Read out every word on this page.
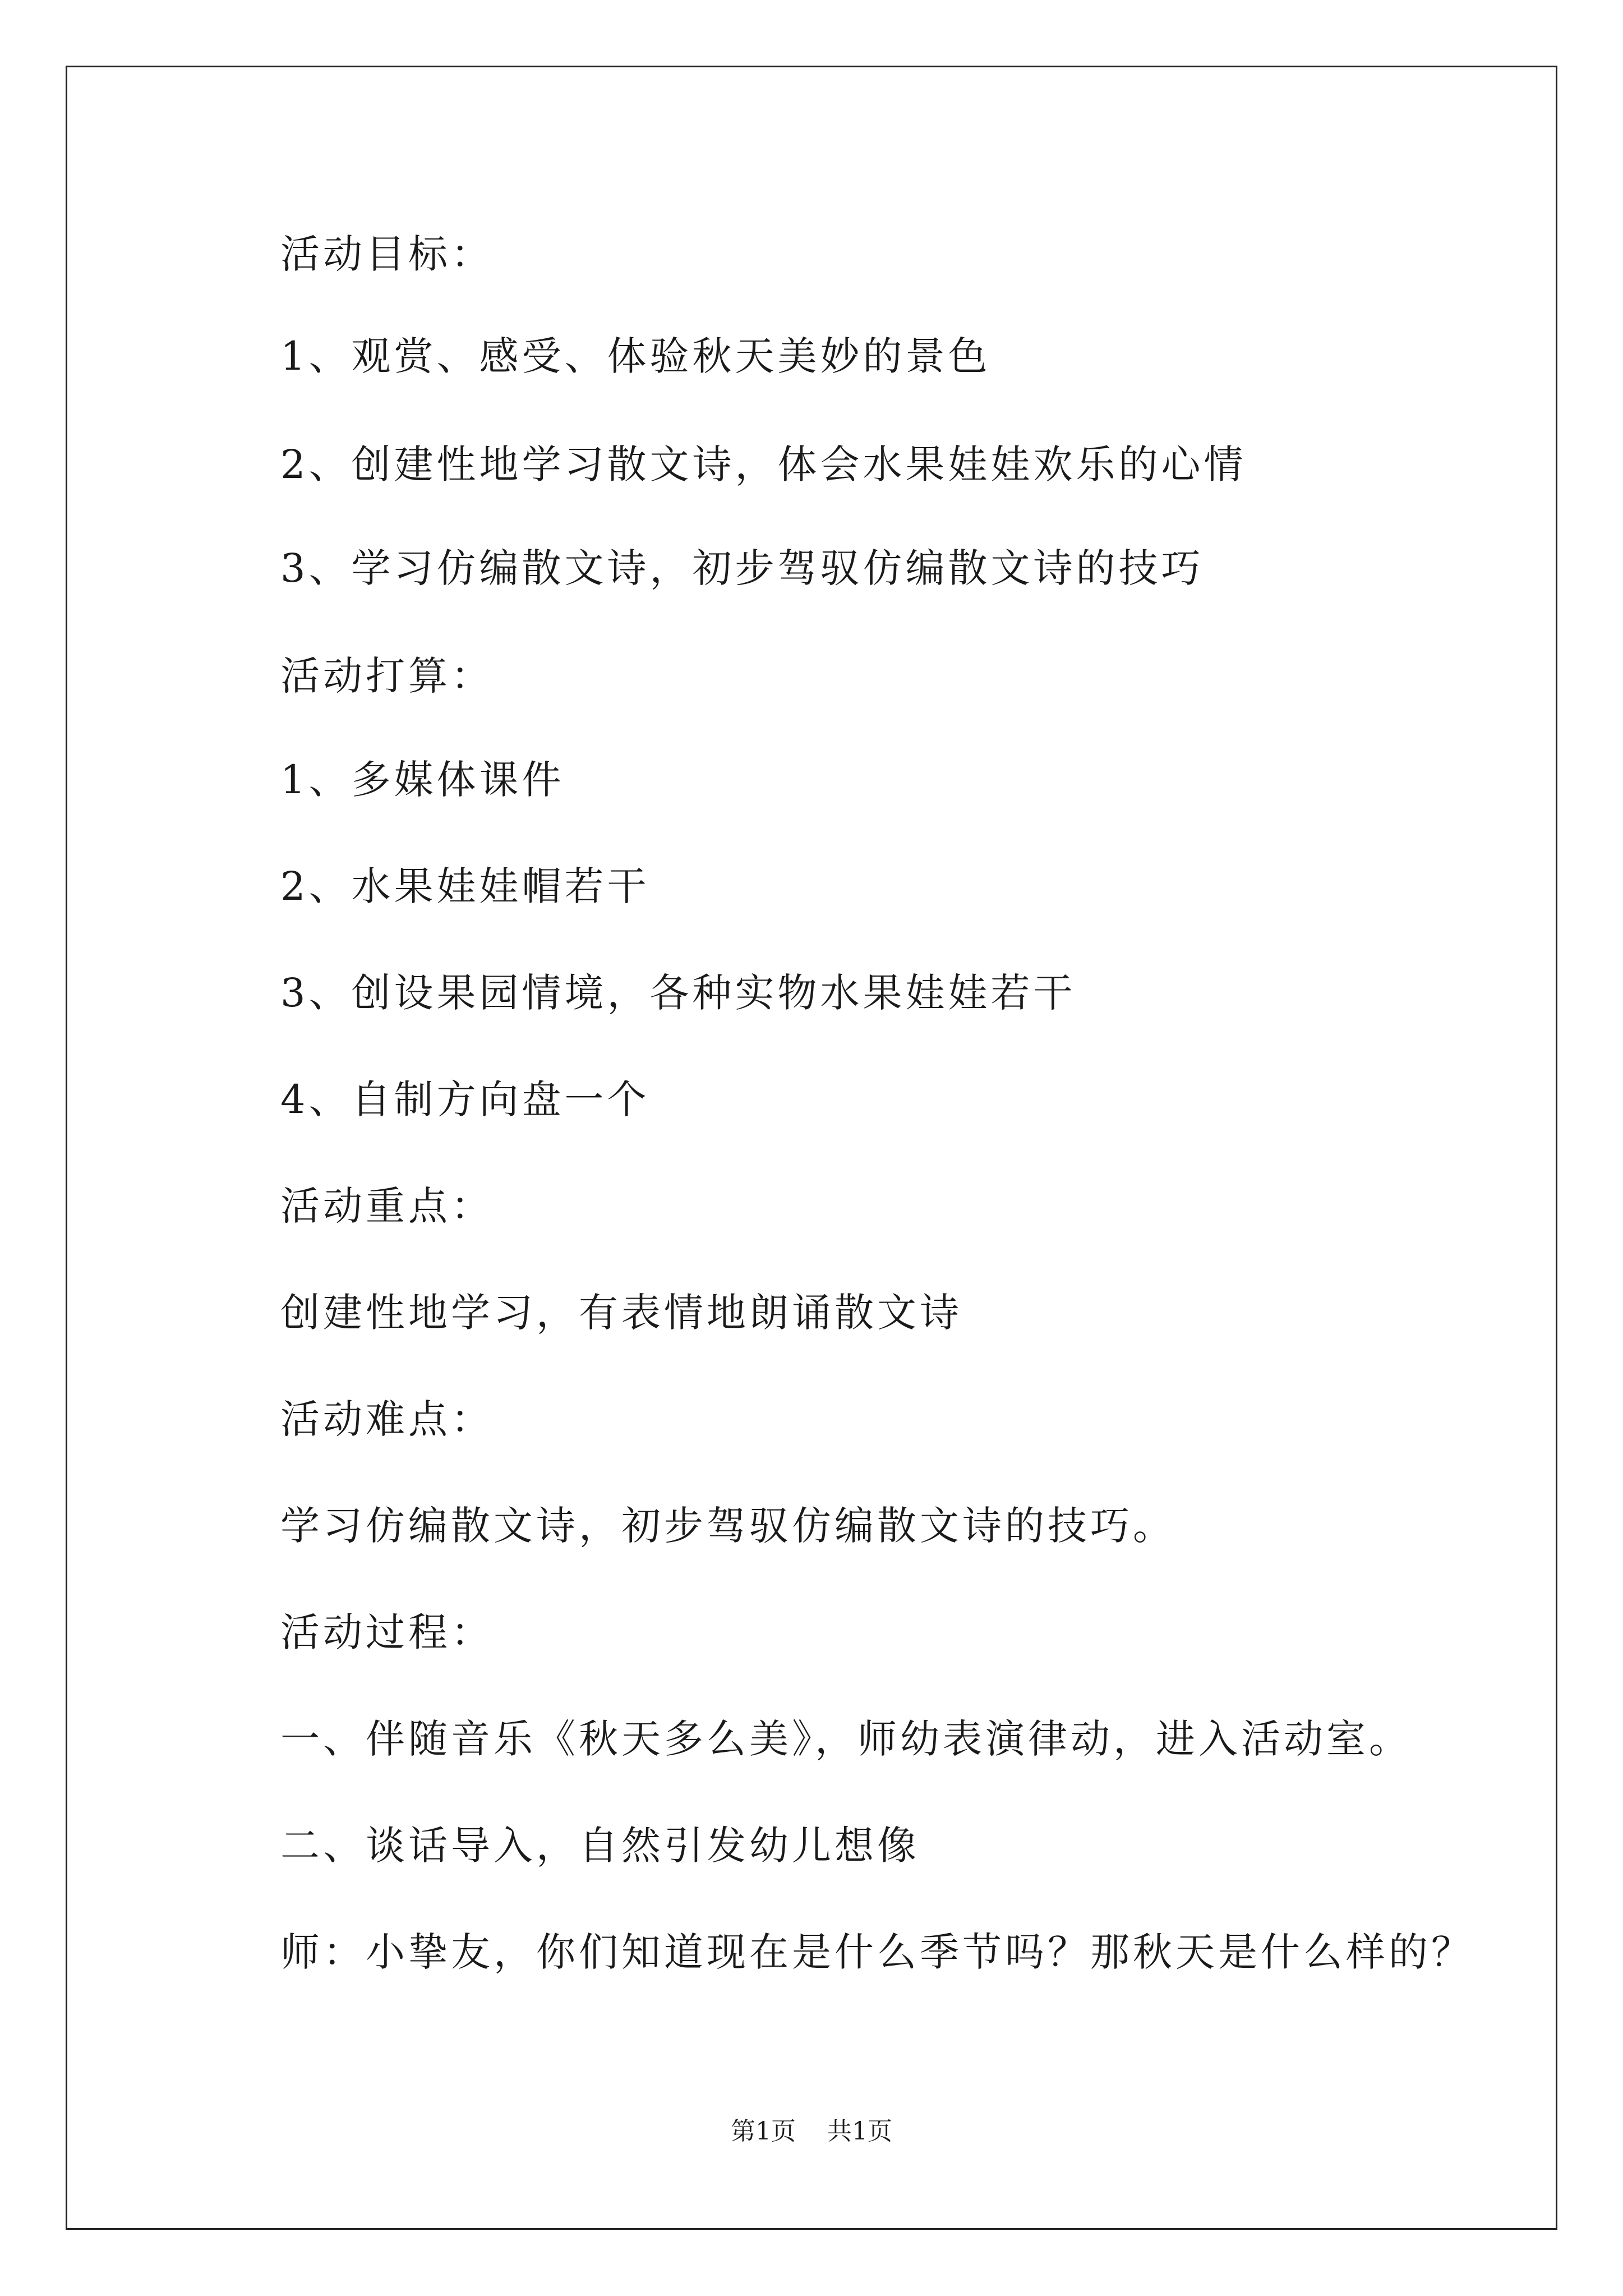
活动目标：
1、观赏、感受、体验秋天美妙的景色
2、创建性地学习散文诗，体会水果娃娃欢乐的心情
3、学习仿编散文诗，初步驾驭仿编散文诗的技巧
活动打算：
1、多媒体课件
2、水果娃娃帽若干
3、创设果园情境，各种实物水果娃娃若干
4、自制方向盘一个
活动重点：
创建性地学习，有表情地朗诵散文诗
活动难点：
学习仿编散文诗，初步驾驭仿编散文诗的技巧。
活动过程：
一、伴随音乐《秋天多么美》，师幼表演律动，进入活动室。
二、谈话导入，自然引发幼儿想像
师：小挚友，你们知道现在是什么季节吗？那秋天是什么样的？
第1页 共1页
